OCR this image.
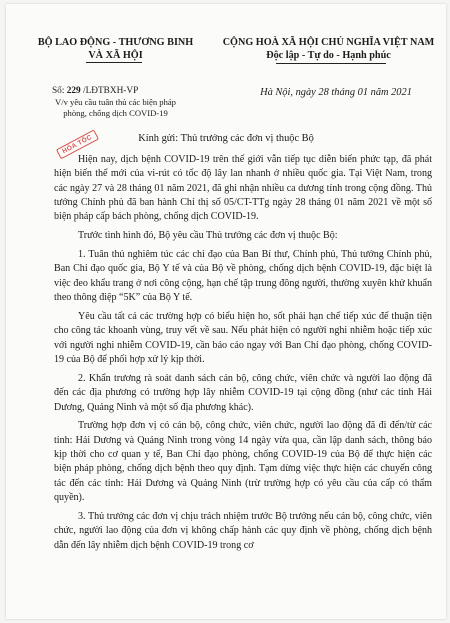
BỘ LAO ĐỘNG - THƯƠNG BINH
VÀ XÃ HỘI
CỘNG HOÀ XÃ HỘI CHỦ NGHĨA VIỆT NAM
Độc lập - Tự do - Hạnh phúc
Số: 229 /LĐTBXH-VP
V/v yêu cầu tuân thủ các biện pháp
phòng, chống dịch COVID-19
Hà Nội, ngày 28 tháng 01 năm 2021
HỎA TỐC	Kính gửi: Thủ trưởng các đơn vị thuộc Bộ

Hiện nay, dịch bệnh COVID-19 trên thế giới vẫn tiếp tục diễn biến phức tạp, đã phát hiện biến thể mới của vi-rút có tốc độ lây lan nhanh ở nhiều quốc gia. Tại Việt Nam, trong các ngày 27 và 28 tháng 01 năm 2021, đã ghi nhận nhiều ca dương tính trong cộng đồng. Thủ tướng Chính phủ đã ban hành Chỉ thị số 05/CT-TTg ngày 28 tháng 01 năm 2021 về một số biện pháp cấp bách phòng, chống dịch COVID-19.

Trước tình hình đó, Bộ yêu cầu Thủ trưởng các đơn vị thuộc Bộ:

1. Tuân thủ nghiêm túc các chỉ đạo của Ban Bí thư, Chính phủ, Thủ tướng Chính phủ, Ban Chỉ đạo quốc gia, Bộ Y tế và của Bộ về phòng, chống dịch bệnh COVID-19, đặc biệt là việc đeo khẩu trang ở nơi công cộng, hạn chế tập trung đông người, thường xuyên khử khuẩn theo thông điệp “5K” của Bộ Y tế.

Yêu cầu tất cả các trường hợp có biểu hiện ho, sốt phải hạn chế tiếp xúc để thuận tiện cho công tác khoanh vùng, truy vết về sau. Nếu phát hiện có người nghi nhiễm hoặc tiếp xúc với người nghi nhiễm COVID-19, cần báo cáo ngay với Ban Chỉ đạo phòng, chống COVID-19 của Bộ để phối hợp xử lý kịp thời.

2. Khẩn trương rà soát danh sách cán bộ, công chức, viên chức và người lao động đã đến các địa phương có trường hợp lây nhiễm COVID-19 tại cộng đồng (như các tỉnh Hải Dương, Quảng Ninh và một số địa phương khác).

Trường hợp đơn vị có cán bộ, công chức, viên chức, người lao động đã đi đến/từ các tỉnh: Hải Dương và Quảng Ninh trong vòng 14 ngày vừa qua, cần lập danh sách, thông báo kịp thời cho cơ quan y tế, Ban Chỉ đạo phòng, chống COVID-19 của Bộ để thực hiện các biện pháp phòng, chống dịch bệnh theo quy định. Tạm dừng việc thực hiện các chuyến công tác đến các tỉnh: Hải Dương và Quảng Ninh (trừ trường hợp có yêu cầu của cấp có thẩm quyền).

3. Thủ trưởng các đơn vị chịu trách nhiệm trước Bộ trưởng nếu cán bộ, công chức, viên chức, người lao động của đơn vị không chấp hành các quy định về phòng, chống dịch bệnh dẫn đến lây nhiễm dịch bệnh COVID-19 trong cơ
